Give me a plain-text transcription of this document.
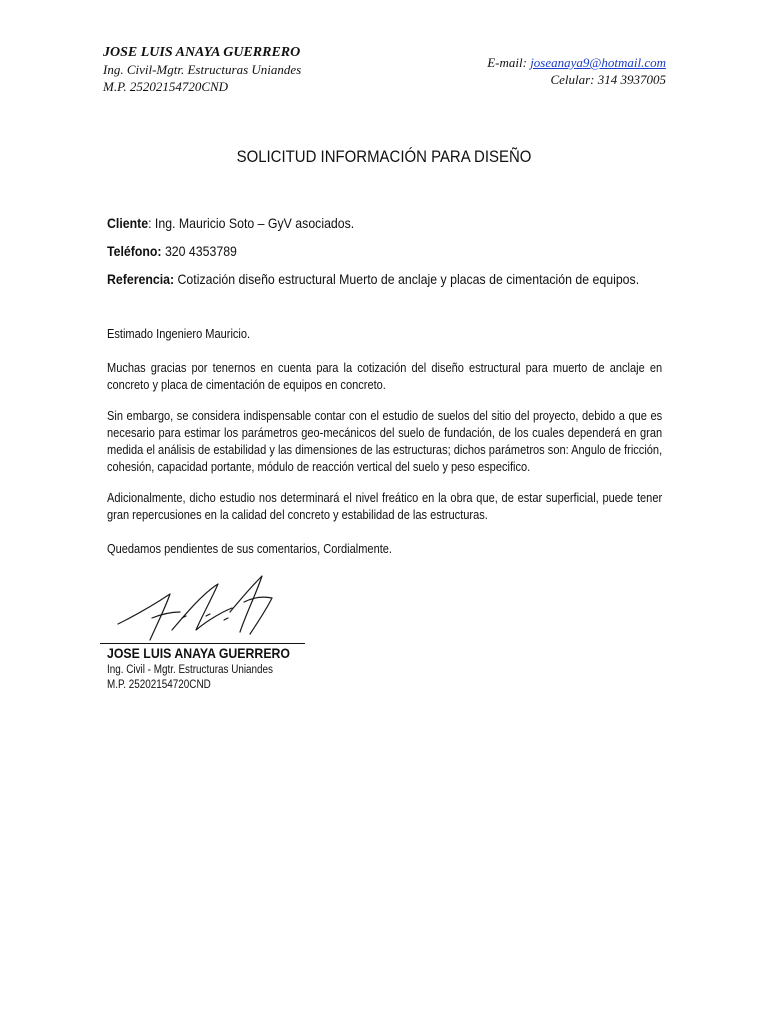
JOSE LUIS ANAYA GUERRERO

Ing. Civil-Mgtr. Estructuras Uniandes

M.P. 25202154720CND

E-mail: joseanaya9@hotmail.com
Celular: 314 3937005
SOLICITUD INFORMACIÓN PARA DISEÑO
Cliente: Ing. Mauricio Soto – GyV asociados.
Teléfono: 320 4353789
Referencia: Cotización diseño estructural Muerto de anclaje y placas de cimentación de equipos.
Estimado Ingeniero Mauricio.
Muchas gracias por tenernos en cuenta para la cotización del diseño estructural para muerto de anclaje en concreto y placa de cimentación de equipos en concreto.
Sin embargo, se considera indispensable contar con el estudio de suelos del sitio del proyecto, debido a que es necesario para estimar los parámetros geo-mecánicos del suelo de fundación, de los cuales dependerá en gran medida el análisis de estabilidad y las dimensiones de las estructuras; dichos parámetros son: Angulo de fricción, cohesión, capacidad portante, módulo de reacción vertical del suelo y peso especifico.
Adicionalmente, dicho estudio nos determinará el nivel freático en la obra que, de estar superficial, puede tener gran repercusiones en la calidad del concreto y estabilidad de las estructuras.
Quedamos pendientes de sus comentarios, Cordialmente.
JOSE LUIS ANAYA GUERRERO
Ing. Civil - Mgtr. Estructuras Uniandes
M.P. 25202154720CND
